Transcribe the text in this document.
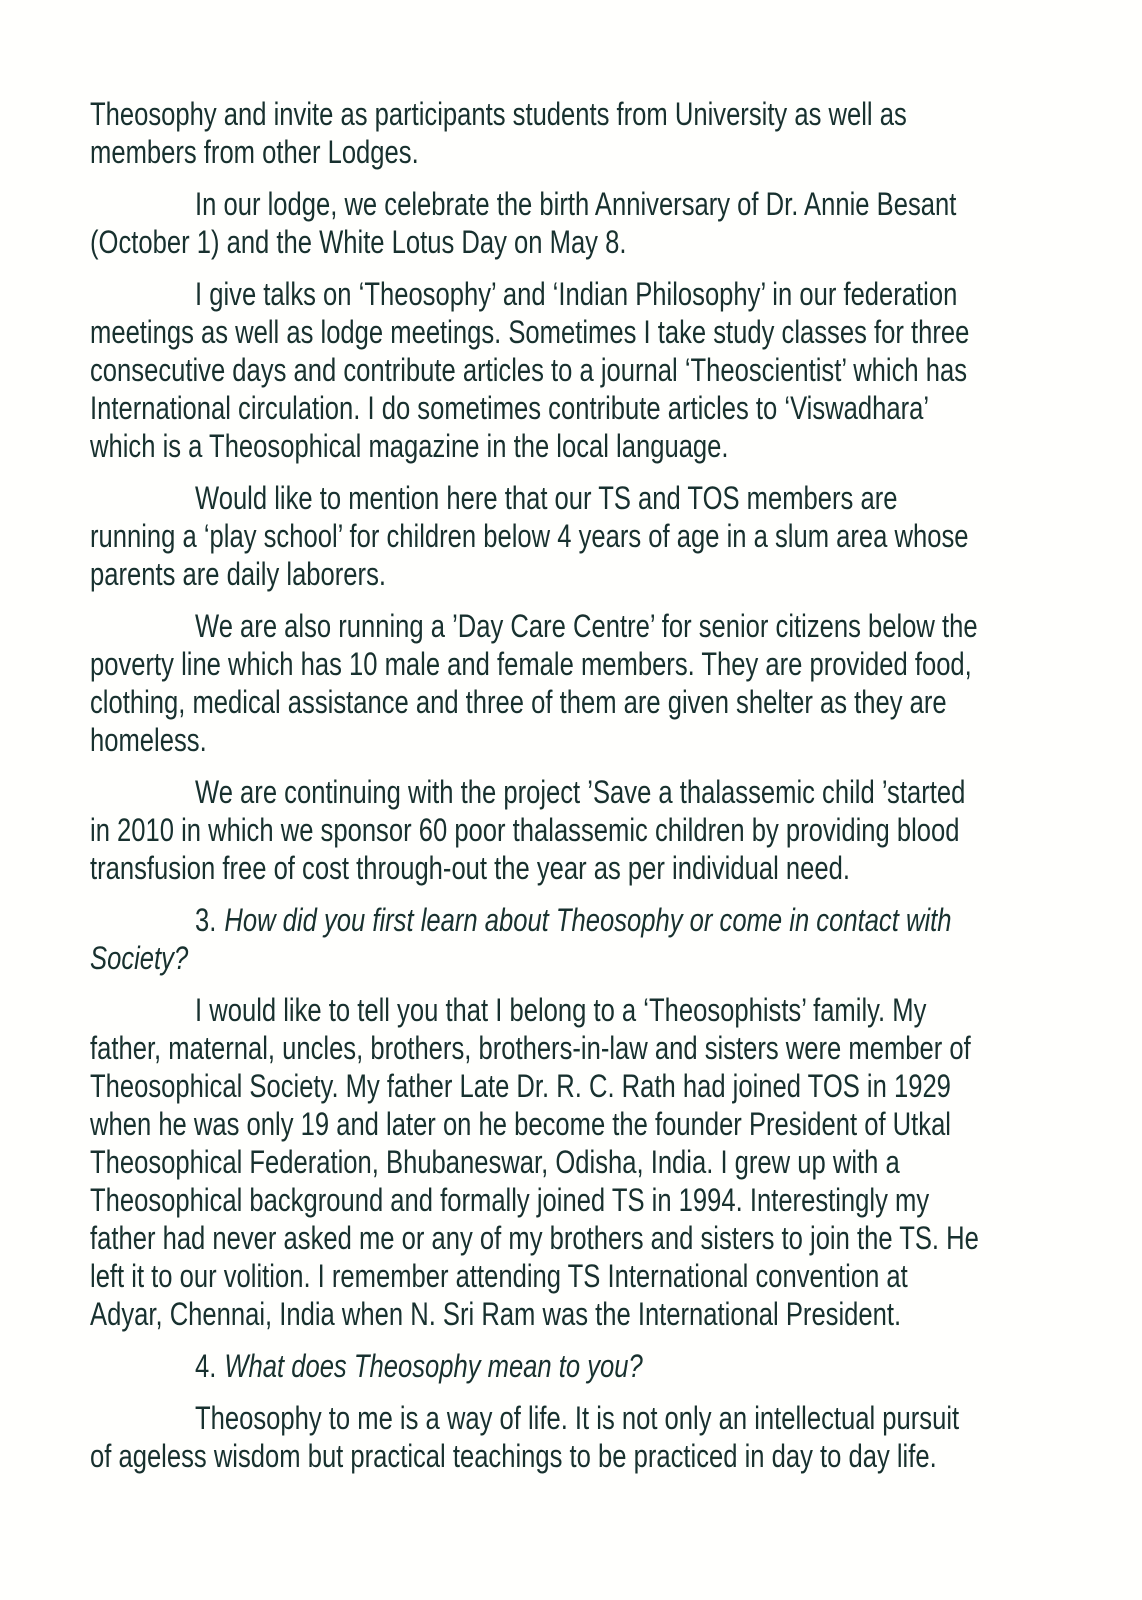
Theosophy and invite as participants students from University as well as
members from other Lodges.
In our lodge, we celebrate the birth Anniversary of Dr. Annie Besant
(October 1) and the White Lotus Day on May 8.
I give talks on ‘Theosophy’ and ‘Indian Philosophy’ in our federation
meetings as well as lodge meetings. Sometimes I take study classes for three
consecutive days and contribute articles to a journal ‘Theoscientist’ which has
International circulation. I do sometimes contribute articles to ‘Viswadhara’
which is a Theosophical magazine in the local language.
Would like to mention here that our TS and TOS members are
running a ‘play school’ for children below 4 years of age in a slum area whose
parents are daily laborers.
We are also running a ’Day Care Centre’ for senior citizens below the
poverty line which has 10 male and female members. They are provided food,
clothing, medical assistance and three of them are given shelter as they are
homeless.
We are continuing with the project ’Save a thalassemic child ’started
in 2010 in which we sponsor 60 poor thalassemic children by providing blood
transfusion free of cost through-out the year as per individual need.
3. How did you first learn about Theosophy or come in contact with
Society?
I would like to tell you that I belong to a ‘Theosophists’ family. My
father, maternal, uncles, brothers, brothers-in-law and sisters were member of
Theosophical Society. My father Late Dr. R. C. Rath had joined TOS in 1929
when he was only 19 and later on he become the founder President of Utkal
Theosophical Federation, Bhubaneswar, Odisha, India. I grew up with a
Theosophical background and formally joined TS in 1994. Interestingly my
father had never asked me or any of my brothers and sisters to join the TS. He
left it to our volition. I remember attending TS International convention at
Adyar, Chennai, India when N. Sri Ram was the International President.
4. What does Theosophy mean to you?
Theosophy to me is a way of life. It is not only an intellectual pursuit
of ageless wisdom but practical teachings to be practiced in day to day life.
